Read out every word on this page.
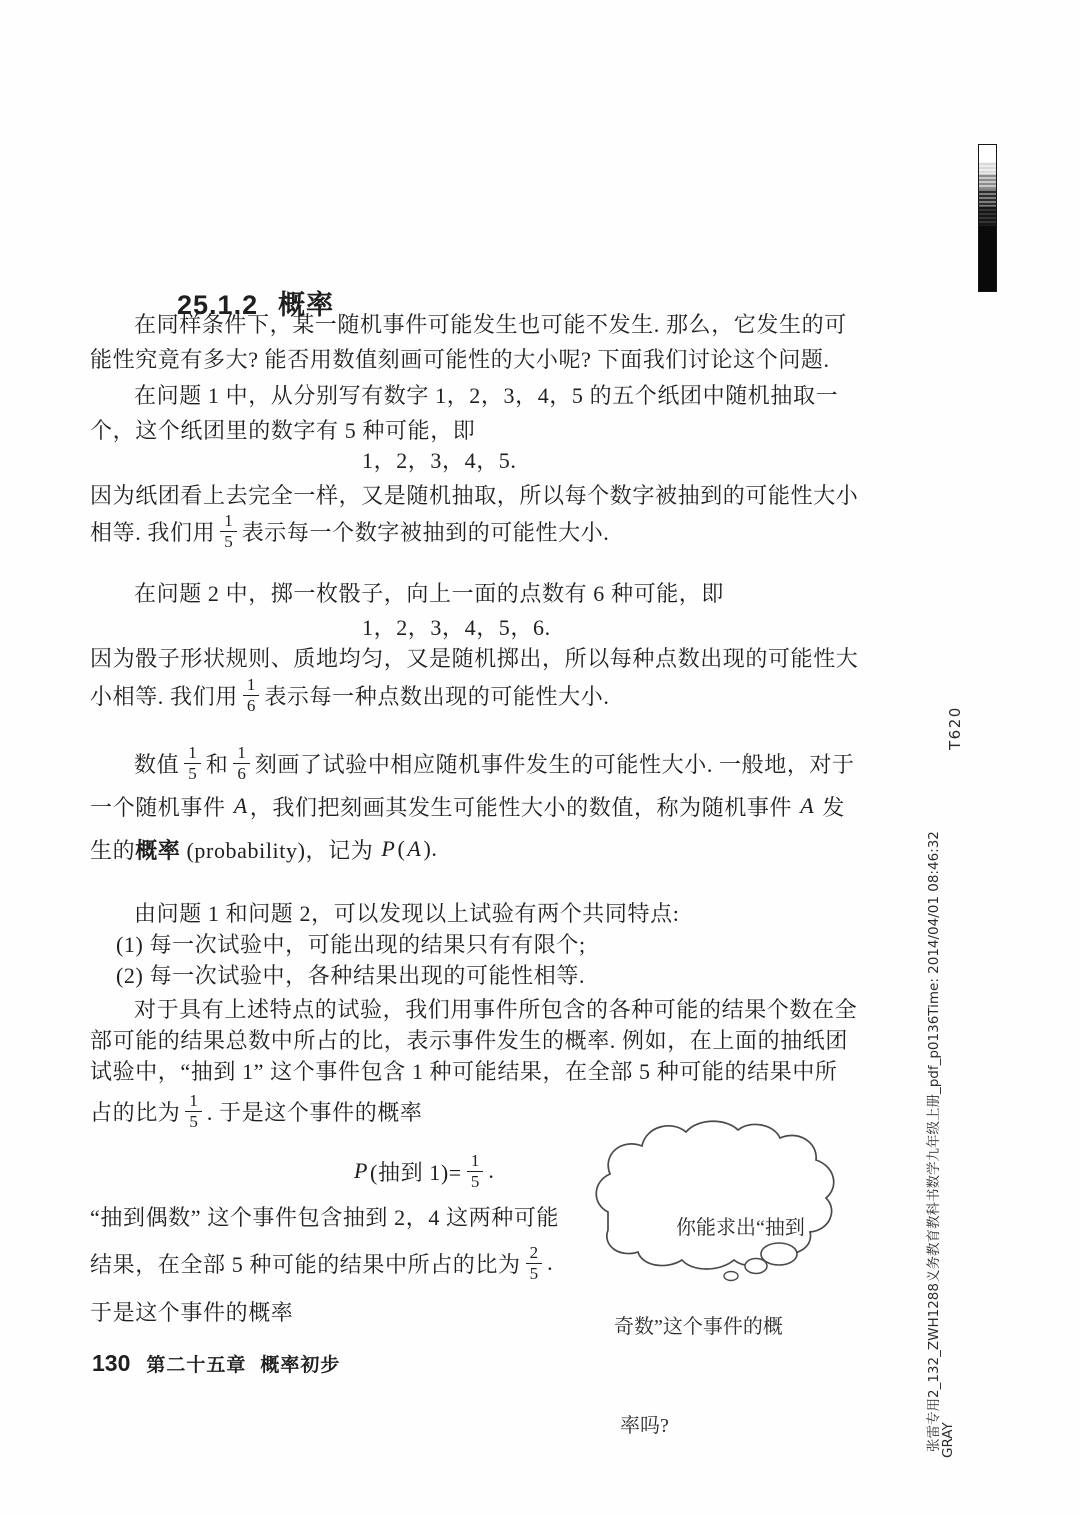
25.1.2 概率

在同样条件下，某一随机事件可能发生也可能不发生. 那么，它发生的可
能性究竟有多大? 能否用数值刻画可能性的大小呢? 下面我们讨论这个问题.
在问题 1 中，从分别写有数字 1，2，3，4，5 的五个纸团中随机抽取一
个，这个纸团里的数字有 5 种可能，即
1，2，3，4，5.
因为纸团看上去完全一样，又是随机抽取，所以每个数字被抽到的可能性大小
相等. 我们用 $\frac{1}{5}$ 表示每一个数字被抽到的可能性大小.
在问题 2 中，掷一枚骰子，向上一面的点数有 6 种可能，即
1，2，3，4，5，6.
因为骰子形状规则、质地均匀，又是随机掷出，所以每种点数出现的可能性大
小相等. 我们用 $\frac{1}{6}$ 表示每一种点数出现的可能性大小.
数值 $\frac{1}{5}$ 和 $\frac{1}{6}$ 刻画了试验中相应随机事件发生的可能性大小. 一般地，对于
一个随机事件 A ，我们把刻画其发生可能性大小的数值，称为随机事件 A 发
生的 概率 (probability)，记为 P ( A ).
由问题 1 和问题 2，可以发现以上试验有两个共同特点:
(1) 每一次试验中，可能出现的结果只有有限个;
(2) 每一次试验中，各种结果出现的可能性相等.
对于具有上述特点的试验，我们用事件所包含的各种可能的结果个数在全
部可能的结果总数中所占的比，表示事件发生的概率. 例如，在上面的抽纸团
试验中，“抽到 1” 这个事件包含 1 种可能结果，在全部 5 种可能的结果中所
占的比为 $\frac{1}{5}$ . 于是这个事件的概率
P (抽到 $1)= \frac{1}{5}$ .
“抽到偶数” 这个事件包含抽到 2，4 这两种可能
结果，在全部 5 种可能的结果中所占的比为 $\frac{2}{5}$ .
于是这个事件的概率

你能求出“抽到

奇数”这个事件的概

率吗?

130 第二十五章 概率初步
T620
张雷专用2_132_ZWH1288义务教育教科书数学九年级上册_pdf_p0136Time: 2014/04/01 08:46:32
GRAY
